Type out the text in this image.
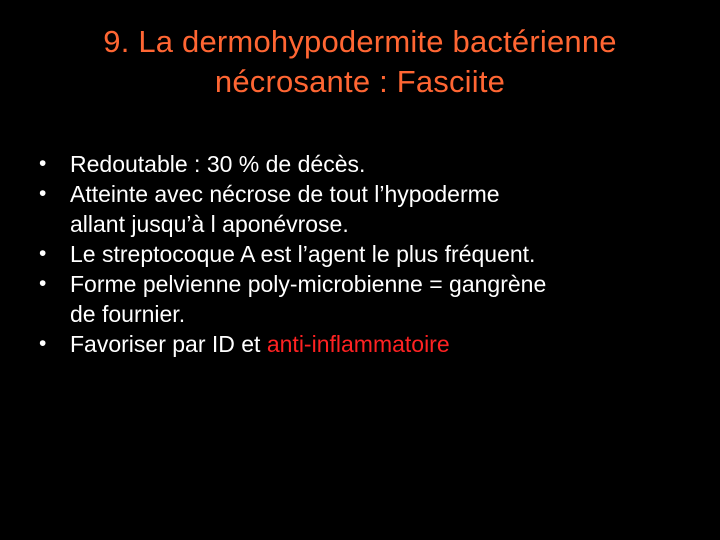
9. La dermohypodermite bactérienne
nécrosante : Fasciite
•	Redoutable : 30 % de décès.
•	Atteinte avec nécrose de tout l’hypoderme
allant jusqu’à l aponévrose.
•	Le streptocoque A est l’agent le plus fréquent.
•	Forme pelvienne poly-microbienne = gangrène
de fournier.
•	Favoriser par ID et anti-inflammatoire
